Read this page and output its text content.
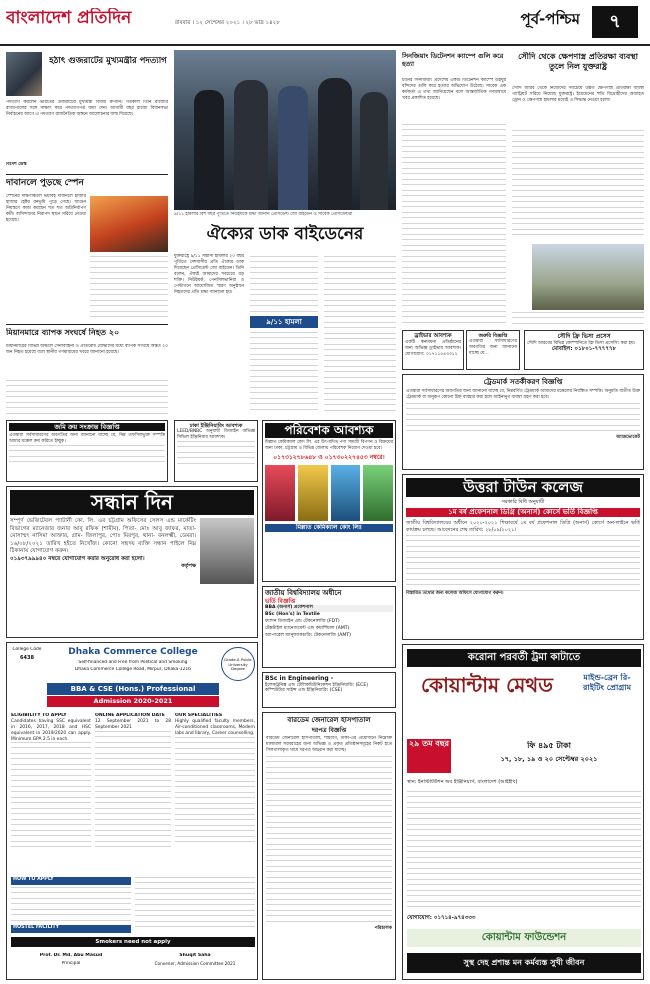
বাংলাদেশ প্রতিদিন	রবিবার । ১২ সেপ্টেম্বর ২০২১ । ২৮ ভাদ্র ১৪২৮	পূর্ব-পশ্চিম	৭
হঠাৎ গুজরাটের মুখ্যমন্ত্রীর পদত্যাগ
পদত্যাগ করলেন ভারতের গুজরাটের মুখ্যমন্ত্রী বিজয় রুপানি। গতকাল তিনি রাজ্যের রাজ্যপালের সঙ্গে সাক্ষাৎ করে পদত্যাগপত্র জমা দেন। আগামী বছর রাজ্যে বিধানসভা নির্বাচনের আগে এ পদত্যাগ রাজনৈতিক অঙ্গনে আলোচনার জন্ম দিয়েছে।
বিদেশ ডেস্ক
দাবানলে পুড়ছে স্পেন
স্পেনের দক্ষিণাঞ্চলে ভয়াবহ দাবানলে হাজার হাজার হেক্টর বনভূমি পুড়ে গেছে। আগুন নিয়ন্ত্রণে কাজ করছেন শত শত অগ্নিনির্বাপণ কর্মী। বাসিন্দাদের নিরাপদ স্থানে সরিয়ে নেওয়া হয়েছে।
মিয়ানমারে ব্যাপক সংঘর্ষে নিহত ২০
মিয়ানমারের বিভিন্ন অঞ্চলে সেনাবাহিনী ও প্রতিরোধ যোদ্ধাদের মধ্যে ব্যাপক সংঘর্ষে অন্তত ২০ জন নিহত হয়েছে বলে স্থানীয় গণমাধ্যমের খবরে জানানো হয়েছে।
৯/১১ হামলার বিশ বছর পূর্তিতে নিউইয়র্কে শ্রদ্ধা জানান প্রেসিডেন্ট জো বাইডেন ও সাবেক প্রেসিডেন্টরা
ঐক্যের ডাক বাইডেনের
যুক্তরাষ্ট্রে ৯/১১ সন্ত্রাসী হামলার ২০ বছর পূর্তিতে দেশবাসীর প্রতি ঐক্যের ডাক দিয়েছেন প্রেসিডেন্ট জো বাইডেন। তিনি বলেন, ঐক্যই আমাদের সবচেয়ে বড় শক্তি। নিউইয়র্ক, পেনসিলভানিয়া ও পেন্টাগনে আয়োজিত স্মরণ অনুষ্ঠানে নিহতদের প্রতি শ্রদ্ধা জানানো হয়।
৯/১১ হামলা
সিনজিয়াং ডিটেনশন ক্যাম্পে গুলি করে হত্যা
চীনের সিনজিয়াং প্রদেশের একটি ডিটেনশন ক্যাম্পে উইঘুর বন্দিদের গুলি করে হত্যার অভিযোগ উঠেছে। সাবেক এক কর্মকর্তা এ তথ্য জানিয়েছেন বলে আন্তর্জাতিক গণমাধ্যমে খবর প্রকাশিত হয়েছে।
সৌদি থেকে ক্ষেপণাস্ত্র প্রতিরক্ষা ব্যবস্থা তুলে নিল যুক্তরাষ্ট্র
সৌদি আরব থেকে নিজেদের সবচেয়ে উন্নত ক্ষেপণাস্ত্র প্রতিরক্ষা ব্যবস্থা প্যাট্রিয়ট সরিয়ে নিয়েছে যুক্তরাষ্ট্র। ইয়েমেনের হুতি বিদ্রোহীদের অব্যাহত ড্রোন ও ক্ষেপণাস্ত্র হামলার মধ্যেই এ সিদ্ধান্ত নেওয়া হলো।
ড্রাইভার আবশ্যক
একটি স্বনামধন্য প্রতিষ্ঠানের জন্য অভিজ্ঞ ড্রাইভার আবশ্যক। যোগাযোগ: ০১৭১১৫৪৩৩১২
জরুরি বিজ্ঞপ্তি
এতদ্বারা সর্বসাধারণের অবগতির জন্য জানানো যাচ্ছে যে...
সৌদি ফ্রি ভিসা প্রসেস
সৌদি আরবের বিভিন্ন কোম্পানিতে ফ্রি ভিসা প্রসেসিং করা হয়।
মোবাইল: ০১৮০১-৭৭৭৭৭৮
ট্রেডমার্ক সতর্কীকরণ বিজ্ঞপ্তি
এতদ্বারা সর্বসাধারণের অবগতির জন্য জানানো যাচ্ছে যে, নিম্নবর্ণিত ট্রেডমার্ক আমাদের মক্কেলের নিবন্ধিত সম্পত্তি। অনুমতি ব্যতীত উক্ত ট্রেডমার্ক বা অনুরূপ কোনো চিহ্ন ব্যবহার করা হলে আইনানুগ ব্যবস্থা গ্রহণ করা হবে।
অ্যাডভোকেট
জমি ক্রয় সংক্রান্ত বিজ্ঞপ্তি
এতদ্বারা সর্বসাধারণের অবগতির জন্য জানানো যাচ্ছে যে, নিম্ন তফসিলভুক্ত সম্পত্তি আমার মক্কেল ক্রয় করিতে ইচ্ছুক।
ঢাকা ইঞ্জিনিয়ারিং আবশ্যক
LEED/BNBC অনুযায়ী ডিজাইন অভিজ্ঞ সিভিল ইঞ্জিনিয়ার আবশ্যক।
পরিবেশক আবশ্যক
মিল্লাত কেমিক্যাল কোং লি. এর উৎপাদিত পণ্য সামগ্রী বিপণন ও বিক্রয়ের জন্য ঢাকা, চট্টগ্রাম ও বিভিন্ন জেলায় পরিবেশক নিয়োগ দেওয়া হবে।
০১৭৩১২৭৮৬৪৮ ও ০১৭৩০২২৭৪৫৩ নম্বরে।
মিল্লাত কেমিক্যাল কোং লিঃ
সন্ধান দিন
সম্পূর্ণ ভেজিটেবল প্যাটার্নী কো. লি. এর চট্টগ্রাম অফিসের সেলস এন্ড মার্কেটিং বিভাগের ম্যানেজার জনাব আবু রফিক (শামীম), পিতা- মোঃ আবু জাফর, মাতা- মোসাম্মৎ নাসিমা আক্তার, গ্রাম- জিলাপুর, পোঃ মিরপুর, থানা- বনলক্ষ্মী, ডেমরা। ১৬/০৮/২০২১ তারিখ হইতে নিখোঁজ। কোনো সহৃদয় ব্যক্তি সন্ধান পাইলে নিম্ন ঠিকানায় যোগাযোগ করুন।
০১৯৩৭৯৯৯৪০ নম্বরে যোগাযোগ করার অনুরোধ করা হলো।
কর্তৃপক্ষ
জাতীয় বিশ্ববিদ্যালয় অধীনে
ভর্তি বিজ্ঞপ্তি
BBA (অনার্স) প্রফেশনাল
BSc (Hon's) in Textile
ফ্যাশন ডিজাইন এন্ড টেকনোলজি (FDT)
টেক্সটাইল ম্যানেজমেন্ট এন্ড কমার্শিয়াল (AMT)
অ্যাপারেল ম্যানুফ্যাকচারিং টেকনোলজি (AMT)
BSc in Engineering -
ইলেকট্রনিক্স এন্ড টেলিকমিউনিকেশন ইঞ্জিনিয়ারিং (ECE)
কম্পিউটার সাইন্স এন্ড ইঞ্জিনিয়ারিং (CSE)
College Code
6438
Dhaka Commerce College
Self-financed and Free from Political and Smoking
Dhaka Commerce College Road, Mirpur, Dhaka-1216
Grade-A Public University Degree
BBA & CSE (Hons.) Professional
Admission 2020-2021
ELIGIBILITY TO APPLY
Candidates having SSC equivalent in 2016, 2017, 2018 and HSC equivalent in 2019/2020 can apply. Minimum GPA 2.5 in each.
ONLINE APPLICATION DATE
12 September 2021 to 28 September 2021
OUR SPECIALITIES
Highly qualified faculty members, Air-conditioned classrooms, Modern labs and library, Career counselling.
HOW TO APPLY
HOSTEL FACILITY
Smokers need not apply
Prof. Dr. Md. Abu Masud
Principal
Shuqit Saha
Convener, Admission Committee 2021
বারডেম জেনারেল হাসপাতাল
দরপত্র বিজ্ঞপ্তি
বারডেম জেনারেল হাসপাতাল, শাহবাগ, ঢাকা-এর প্রয়োজনে নিম্নোক্ত মালামাল সরবরাহের জন্য অভিজ্ঞ ও প্রকৃত প্রতিষ্ঠানসমূহের নিকট হতে সিলগালাকৃত খামে দরপত্র আহ্বান করা যাচ্ছে।
পরিচালক
উত্তরা টাউন কলেজ
সরকারি বিধি অনুযায়ী
১ম বর্ষ প্রফেশনাল ডিগ্রি (অনার্স) কোর্সে ভর্তি বিজ্ঞপ্তি
জাতীয় বিশ্ববিদ্যালয়ের অধীনে ২০২০-২০২১ শিক্ষাবর্ষে ১ম বর্ষ প্রফেশনাল ডিগ্রি (অনার্স) কোর্সে অন-লাইনে ভর্তি কার্যক্রম চলছে। আবেদনের শেষ তারিখ: ২৮/০৯/২০২১।
বিস্তারিত তথ্যের জন্য কলেজ অফিসে যোগাযোগ করুন।
করোনা পরবর্তী ট্রমা কাটাতে
কোয়ান্টাম মেথড	মাইন্ড-ব্রেন রি-রাইটিং প্রোগ্রাম
২৯ তম বছর	ফি ৪৯৫ টাকা
১৭, ১৮, ১৯ ও ২০ সেপ্টেম্বর ২০২১
স্থান: ইনস্টিটিউশন অব ইঞ্জিনিয়ার্স, বাংলাদেশ (আইইবি)
যোগাযোগ: ০১৭১৪-৯৭৪৩৩৩
কোয়ান্টাম ফাউন্ডেশন
সুস্থ দেহ প্রশান্ত মন কর্মব্যস্ত সুখী জীবন
